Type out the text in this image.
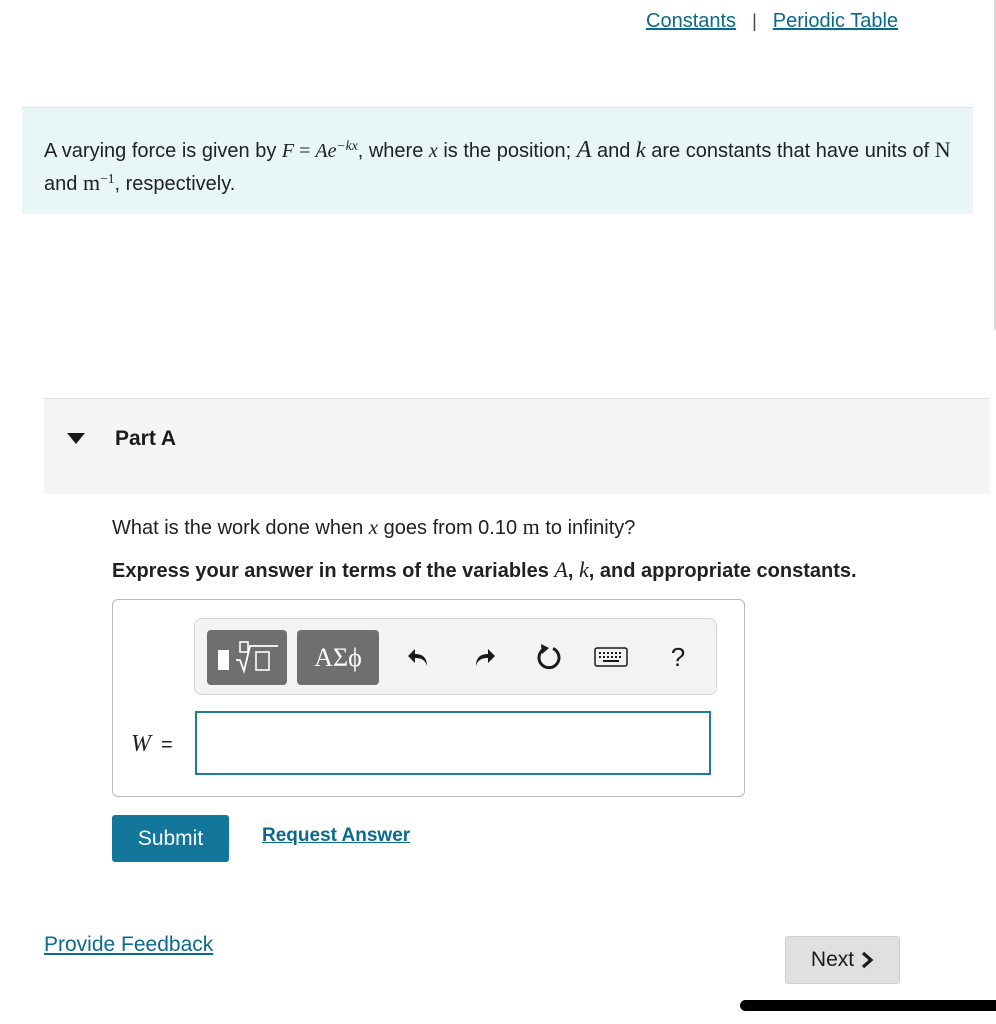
Constants | Periodic Table
A varying force is given by $F = Ae^{-kx}$, where x is the position; A and k are constants that have units of N and $m^{-1}$, respectively.
Part A
What is the work done when x goes from 0.10 m to infinity?
Express your answer in terms of the variables A, k, and appropriate constants.
ΑΣϕ	?
W =
Submit	Request Answer
Provide Feedback
Next
